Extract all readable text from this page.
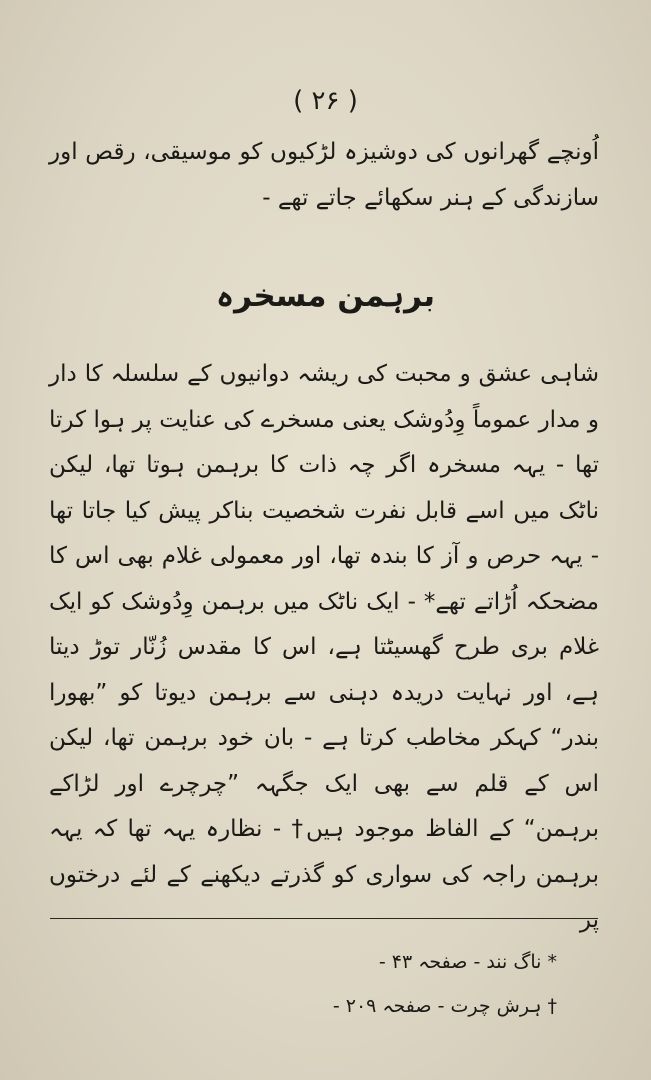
( ۲۶ )

اُونچے گھرانوں کی دوشیزہ لڑکیوں کو موسیقی، رقص اور سازندگی کے ہنر سکھائے جاتے تھے -

برہمن مسخرہ

شاہی عشق و محبت کی ریشہ دوانیوں کے سلسلہ کا دار و مدار عموماً وِدُوشک یعنی مسخرے کی عنایت پر ہوا کرتا تھا - یہہ مسخرہ اگر چہ ذات کا برہمن ہوتا تھا، لیکن ناٹک میں اسے قابل نفرت شخصیت بناکر پیش کیا جاتا تھا - یہہ حرص و آز کا بندہ تھا، اور معمولی غلام بھی اس کا مضحکہ اُڑاتے تھے* - ایک ناٹک میں برہمن وِدُوشک کو ایک غلام بری طرح گھسیٹتا ہے، اس کا مقدس زُنّار توڑ دیتا ہے، اور نہایت دریدہ دہنی سے برہمن دیوتا کو ”بھورا بندر“ کہکر مخاطب کرتا ہے - بان خود برہمن تھا، لیکن اس کے قلم سے بھی ایک جگہہ ”چرچرے اور لڑاکے برہمن“ کے الفاظ موجود ہیں† - نظارہ یہہ تھا کہ یہہ برہمن راجہ کی سواری کو گذرتے دیکھنے کے لئے درختوں پر

* ناگ نند - صفحہ ۴۳ -
† ہرش چرت - صفحہ ۲۰۹ -
